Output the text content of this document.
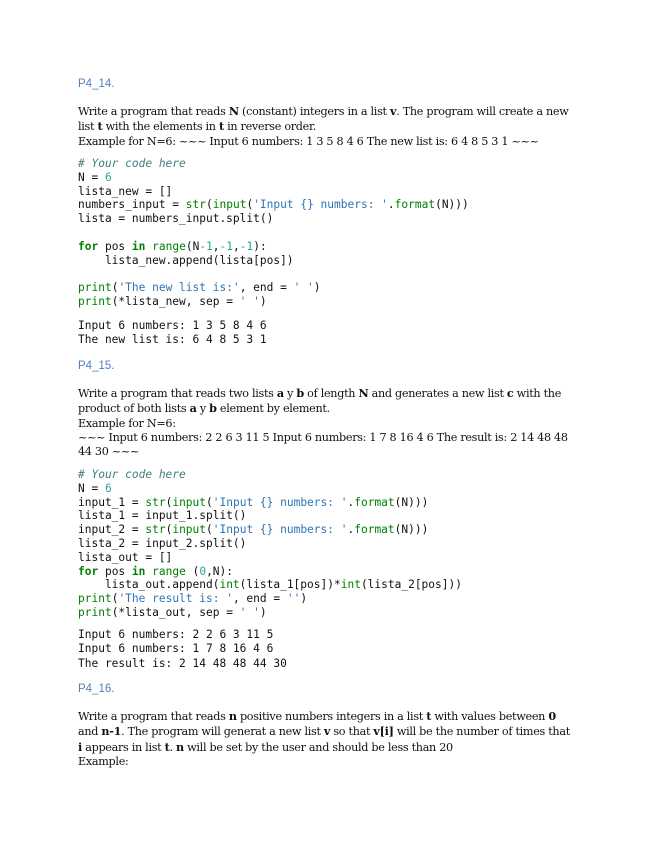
P4_14.
Write a program that reads N (constant) integers in a list v. The program will create a new
list t with the elements in t in reverse order.
Example for N=6: ~~~ Input 6 numbers: 1 3 5 8 4 6 The new list is: 6 4 8 5 3 1 ~~~
# Your code here
N = 6
lista_new = []
numbers_input = str(input('Input {} numbers: '.format(N)))
lista = numbers_input.split()

for pos in range(N-1,-1,-1):
lista_new.append(lista[pos])

print('The new list is:', end = ' ')
print(*lista_new, sep = ' ')
Input 6 numbers: 1 3 5 8 4 6
The new list is: 6 4 8 5 3 1
P4_15.
Write a program that reads two lists a y b of length N and generates a new list c with the
product of both lists a y b element by element.
Example for N=6:
~~~ Input 6 numbers: 2 2 6 3 11 5 Input 6 numbers: 1 7 8 16 4 6 The result is: 2 14 48 48
44 30 ~~~
# Your code here
N = 6
input_1 = str(input('Input {} numbers: '.format(N)))
lista_1 = input_1.split()
input_2 = str(input('Input {} numbers: '.format(N)))
lista_2 = input_2.split()
lista_out = []
for pos in range (0,N):
lista_out.append(int(lista_1[pos])*int(lista_2[pos]))
print('The result is: ', end = '')
print(*lista_out, sep = ' ')
Input 6 numbers: 2 2 6 3 11 5
Input 6 numbers: 1 7 8 16 4 6
The result is: 2 14 48 48 44 30
P4_16.
Write a program that reads n positive numbers integers in a list t with values between 0
and n-1. The program will generat a new list v so that v[i] will be the number of times that
i appears in list t. n will be set by the user and should be less than 20
Example:
